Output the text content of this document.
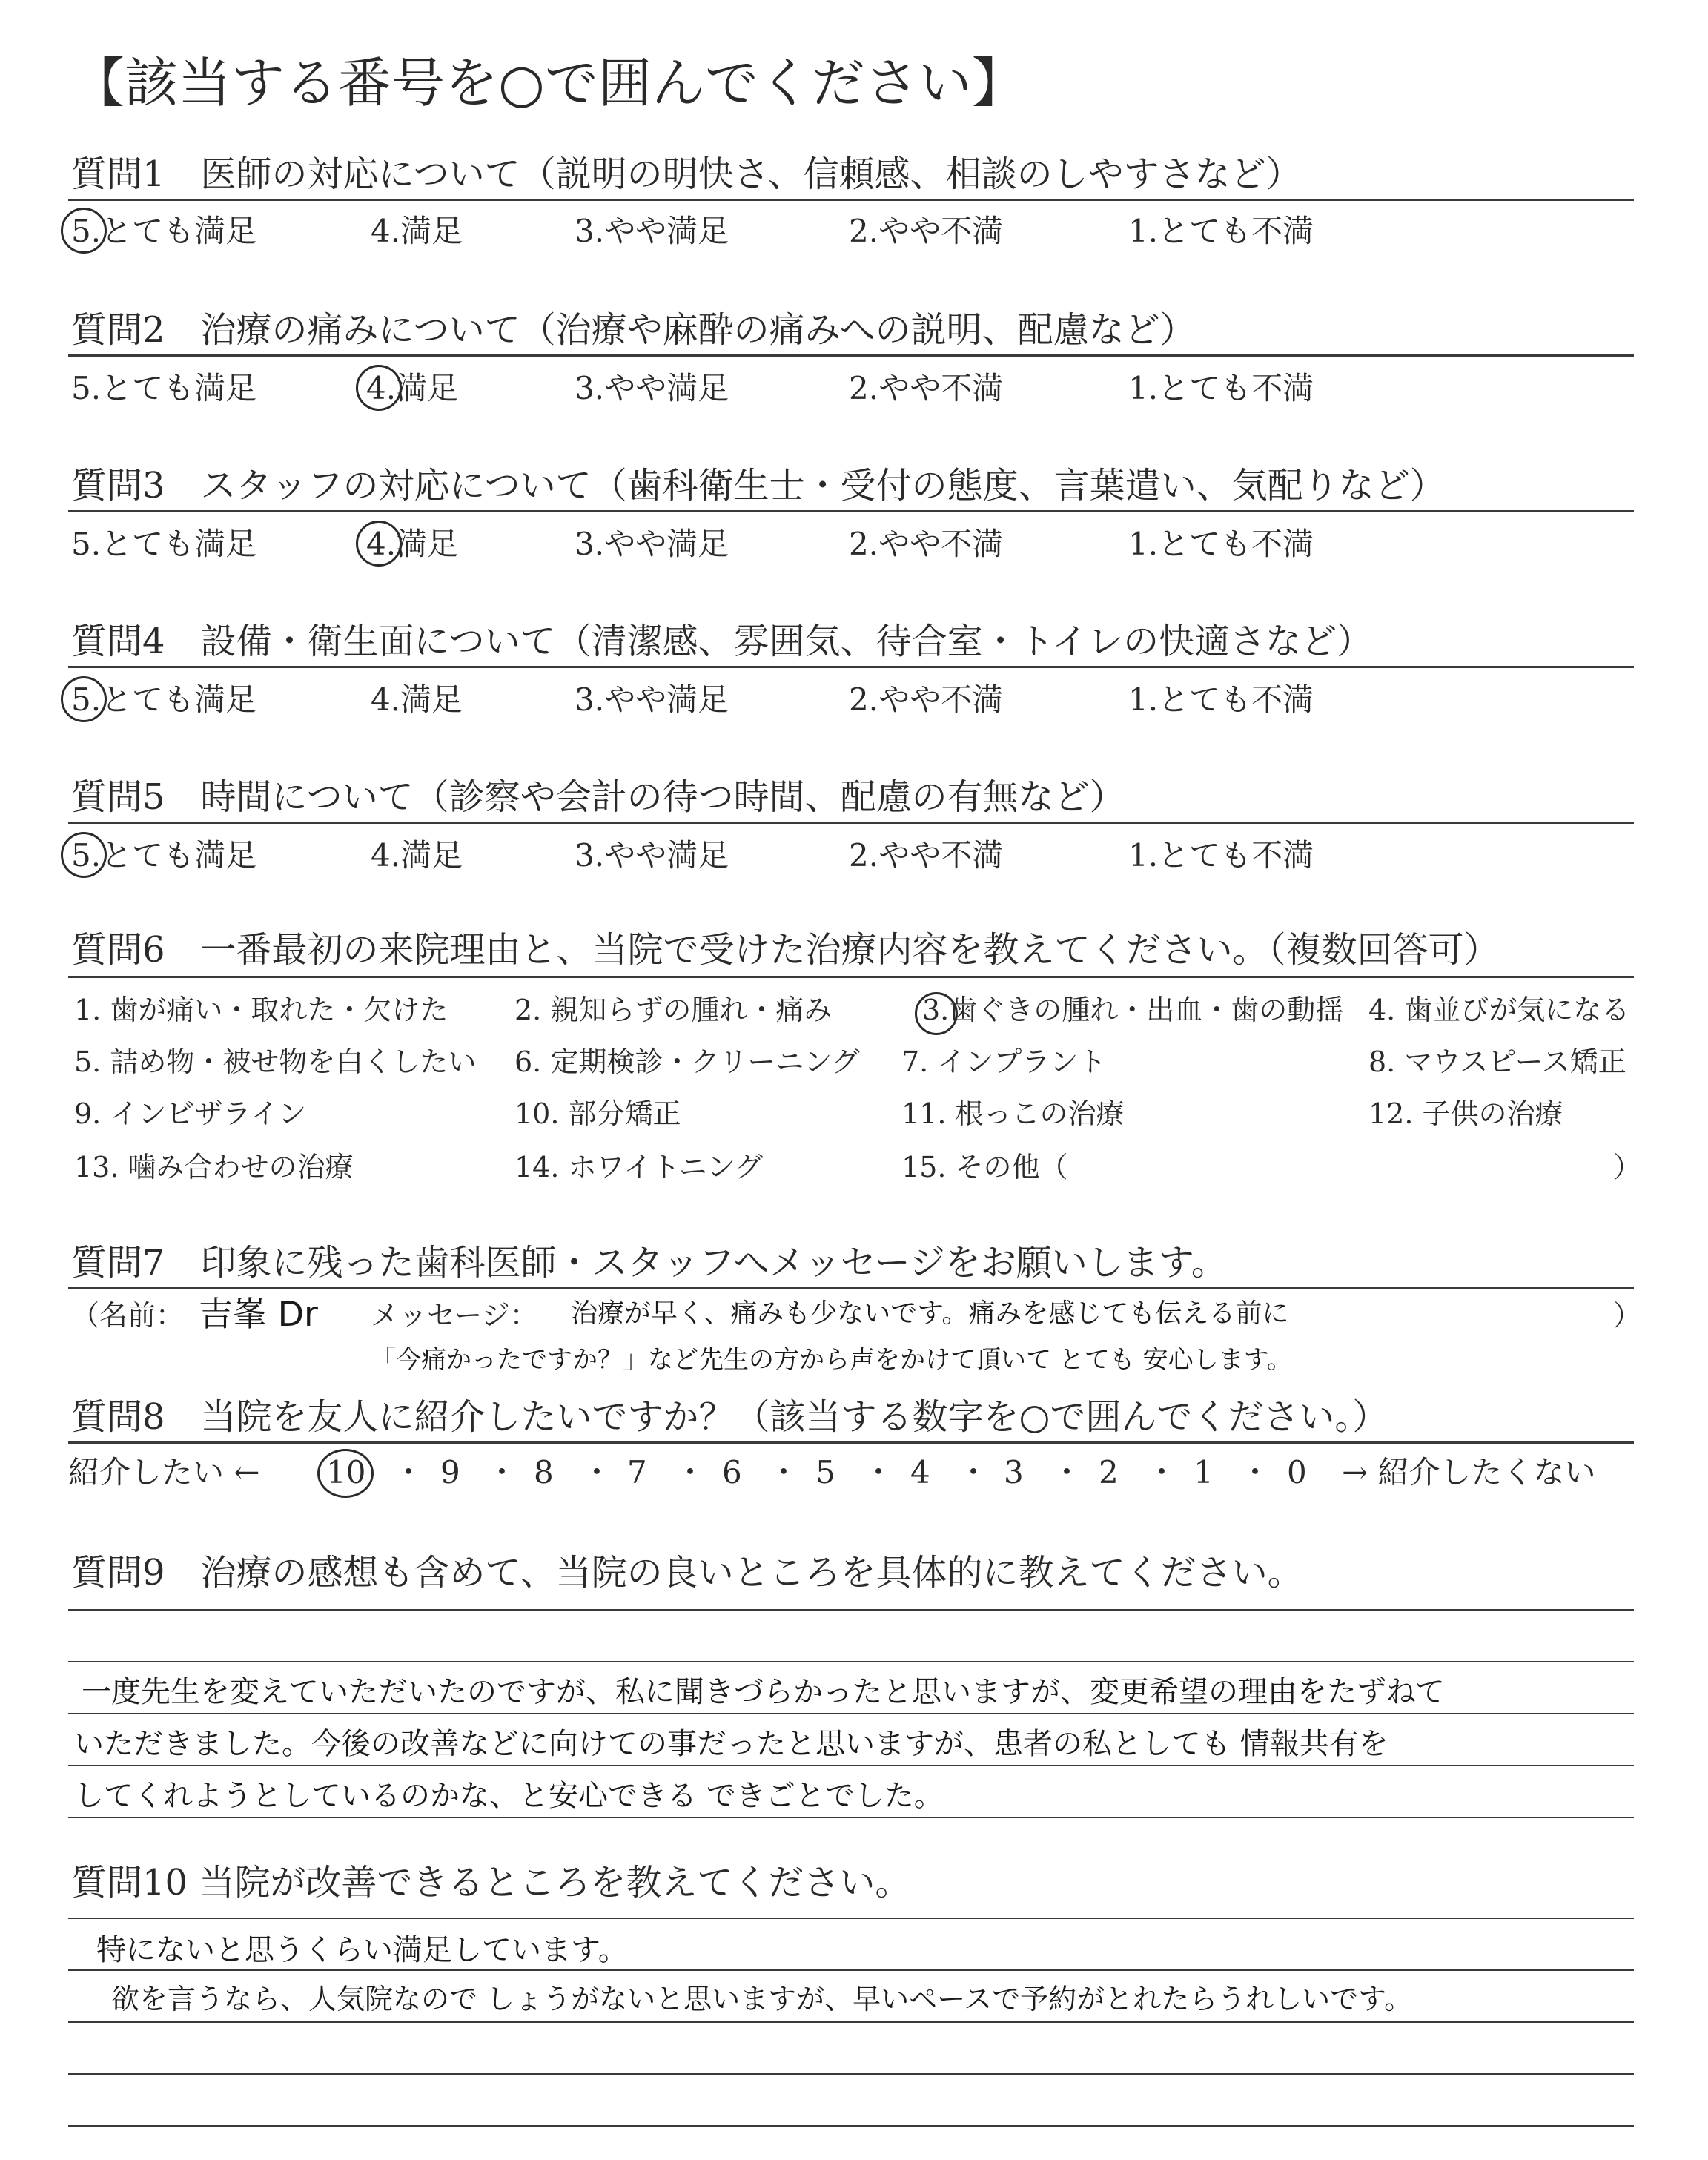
【該当する番号を○で囲んでください】
質問1　医師の対応について（説明の明快さ、信頼感、相談のしやすさなど）
5.とても満足	4.満足	3.やや満足	2.やや不満	1.とても不満
質問2　治療の痛みについて（治療や麻酔の痛みへの説明、配慮など）
5.とても満足	4.満足	3.やや満足	2.やや不満	1.とても不満
質問3　スタッフの対応について（歯科衛生士・受付の態度、言葉遣い、気配りなど）
5.とても満足	4.満足	3.やや満足	2.やや不満	1.とても不満
質問4　設備・衛生面について（清潔感、雰囲気、待合室・トイレの快適さなど）
5.とても満足	4.満足	3.やや満足	2.やや不満	1.とても不満
質問5　時間について（診察や会計の待つ時間、配慮の有無など）
5.とても満足	4.満足	3.やや満足	2.やや不満	1.とても不満
質問6　一番最初の来院理由と、当院で受けた治療内容を教えてください。（複数回答可）
1. 歯が痛い・取れた・欠けた 2. 親知らずの腫れ・痛み	3.歯ぐきの腫れ・出血・歯の動揺 4. 歯並びが気になる
5. 詰め物・被せ物を白くしたい 6. 定期検診・クリーニング 7. インプラント	8. マウスピース矯正
9. インビザライン	10. 部分矯正	11. 根っこの治療	12. 子供の治療
13. 噛み合わせの治療	14. ホワイトニング	15. その他（	）
質問7　印象に残った歯科医師・スタッフへメッセージをお願いします。
（名前： 吉峯 Dr メッセージ： 治療が早く、痛みも少ないです。痛みを感じても伝える前に
「今痛かったですか？」など先生の方から声をかけて頂いて とても 安心します。
）
質問8　当院を友人に紹介したいですか？（該当する数字を○で囲んでください。）
紹介したい ← 10 ・ 9 ・ 8 ・ 7 ・ 6 ・ 5 ・ 4 ・ 3 ・ 2 ・ 1 ・ 0 → 紹介したくない
質問9　治療の感想も含めて、当院の良いところを具体的に教えてください。
一度先生を変えていただいたのですが、私に聞きづらかったと思いますが、変更希望の理由をたずねて
いただきました。今後の改善などに向けての事だったと思いますが、患者の私としても 情報共有を
してくれようとしているのかな、と安心できる できごとでした。
質問10 当院が改善できるところを教えてください。
特にないと思うくらい満足しています。
欲を言うなら、人気院なので しょうがないと思いますが、早いペースで予約がとれたらうれしいです。
